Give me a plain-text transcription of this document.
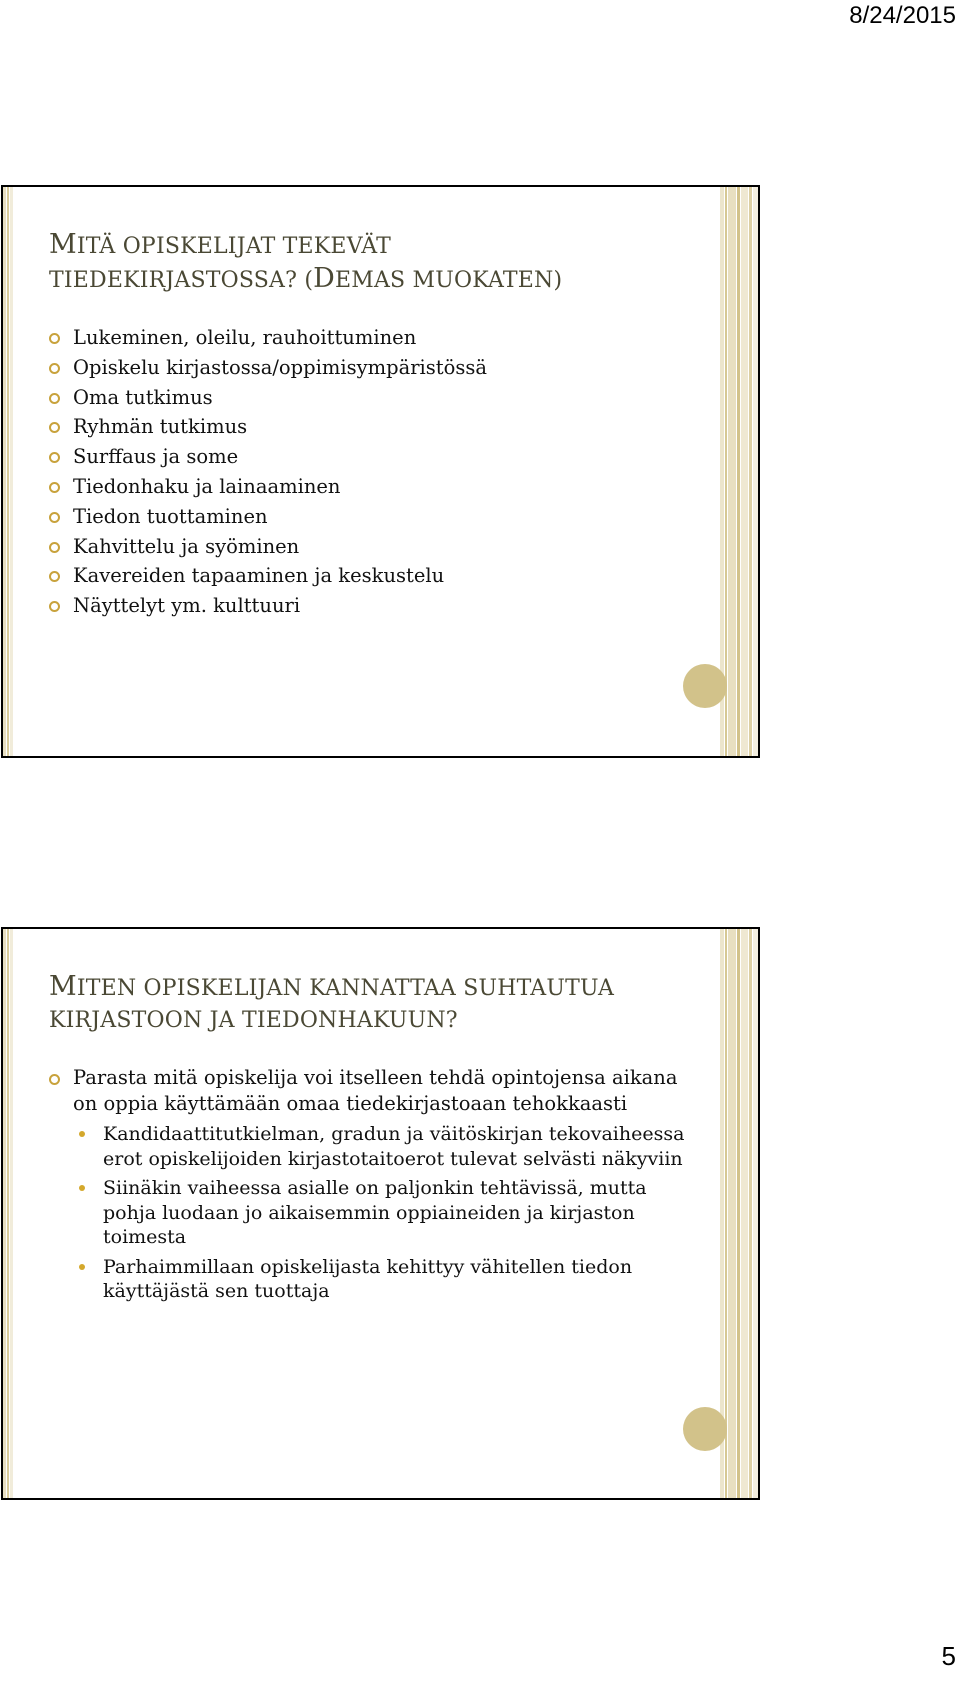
8/24/2015
MITÄ OPISKELIJAT TEKEVÄT
TIEDEKIRJASTOSSA? (DEMAS MUOKATEN)
Lukeminen, oleilu, rauhoittuminen
Opiskelu kirjastossa/oppimisympäristössä
Oma tutkimus
Ryhmän tutkimus
Surffaus ja some
Tiedonhaku ja lainaaminen
Tiedon tuottaminen
Kahvittelu ja syöminen
Kavereiden tapaaminen ja keskustelu
Näyttelyt ym. kulttuuri
MITEN OPISKELIJAN KANNATTAA SUHTAUTUA
KIRJASTOON JA TIEDONHAKUUN?
Parasta mitä opiskelija voi itselleen tehdä opintojensa aikana on oppia käyttämään omaa tiedekirjastoaan tehokkaasti
Kandidaattitutkielman, gradun ja väitöskirjan tekovaiheessa erot opiskelijoiden kirjastotaitoerot tulevat selvästi näkyviin
Siinäkin vaiheessa asialle on paljonkin tehtävissä, mutta pohja luodaan jo aikaisemmin oppiaineiden ja kirjaston toimesta
Parhaimmillaan opiskelijasta kehittyy vähitellen tiedon käyttäjästä sen tuottaja
5
